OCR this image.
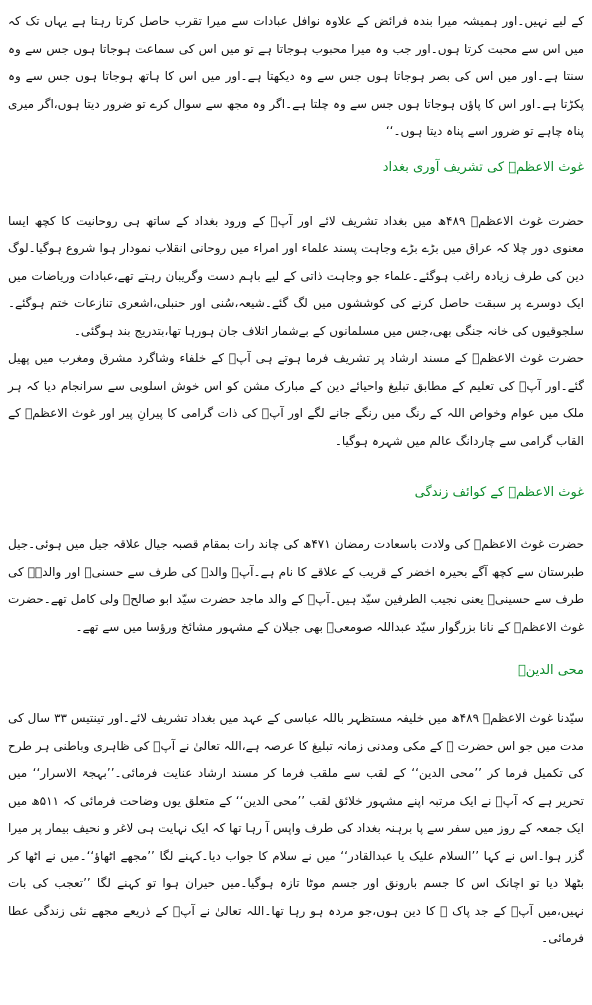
کے لیے نہیں۔اور ہمیشہ میرا بندہ فرائض کے علاوہ نوافل عبادات سے میرا تقرب حاصل کرتا رہتا ہے یہاں تک کہ میں اس سے محبت کرتا ہوں۔اور جب وہ میرا محبوب ہوجاتا ہے تو میں اس کی سماعت ہوجاتا ہوں جس سے وہ سنتا ہے۔اور میں اس کی بصر ہوجاتا ہوں جس سے وہ دیکھتا ہے۔اور میں اس کا ہاتھ ہوجاتا ہوں جس سے وہ پکڑتا ہے۔اور اس کا پاؤں ہوجاتا ہوں جس سے وہ چلتا ہے۔اگر وہ مجھ سے سوال کرے تو ضرور دیتا ہوں،اگر میری پناہ چاہے تو ضرور اسے پناہ دیتا ہوں۔‘‘

غوث الاعظمؒ کی تشریف آوری بغداد

حضرت غوث الاعظمؒ ۴۸۹ھ میں بغداد تشریف لائے اور آپؒ کے ورود بغداد کے ساتھ ہی روحانیت کا کچھ ایسا معنوی دور چلا کہ عراق میں بڑے بڑے وجاہت پسند علماء اور امراء میں روحانی انقلاب نمودار ہوا شروع ہوگیا۔لوگ دین کی طرف زیادہ راغب ہوگئے۔علماء جو وجاہت ذاتی کے لیے باہم دست وگریبان رہتے تھے،عبادات وریاضات میں ایک دوسرے پر سبقت حاصل کرنے کی کوششوں میں لگ گئے۔شیعہ،سُنی اور حنبلی،اشعری تنازعات ختم ہوگئے۔سلجوقیوں کی خانہ جنگی بھی،جس میں مسلمانوں کے بےشمار اتلاف جان ہورہا تھا،بتدریج بند ہوگئی۔

حضرت غوث الاعظمؒ کے مسند ارشاد پر تشریف فرما ہوتے ہی آپؒ کے خلفاء وشاگرد مشرق ومغرب میں پھیل گئے۔اور آپؒ کی تعلیم کے مطابق تبلیغ واحیائے دین کے مبارک مشن کو اس خوش اسلوبی سے سرانجام دیا کہ ہر ملک میں عوام وخواص اللہ کے رنگ میں رنگے جانے لگے اور آپؒ کی ذات گرامی کا پیرانِ پیر اور غوث الاعظمؒ کے القاب گرامی سے چاردانگ عالم میں شہرہ ہوگیا۔

غوث الاعظمؒ کے کوائف زندگی

حضرت غوث الاعظمؒ کی ولادت باسعادت رمضان ۴۷۱ھ کی چاند رات بمقام قصبہ جیال علاقہ جیل میں ہوئی۔جیل طبرستان سے کچھ آگے بحیرہ اخضر کے قریب کے علاقے کا نام ہے۔آپؒ والدؒ کی طرف سے حسنیؒ اور والدہؒ کی طرف سے حسینیؒ یعنی نجیب الطرفین سیّد ہیں۔آپؒ کے والد ماجد حضرت سیّد ابو صالحؒ ولی کامل تھے۔حضرت غوث الاعظمؒ کے نانا بزرگوار سیّد عبداللہ صومعیؒ بھی جیلان کے مشہور مشائخ ورؤسا میں سے تھے۔

محی الدینؒ

سیّدنا غوث الاعظمؒ ۴۸۹ھ میں خلیفہ مستظہر باللہ عباسی کے عہد میں بغداد تشریف لائے۔اور تینتیس ۳۳ سال کی مدت میں جو اس حضرت ﷺ کے مکی ومدنی زمانہ تبلیغ کا عرصہ ہے،اللہ تعالیٰ نے آپؒ کی ظاہری وباطنی ہر طرح کی تکمیل فرما کر ’’محی الدین‘‘ کے لقب سے ملقب فرما کر مسند ارشاد عنایت فرمائی۔’’بہجۃ الاسرار‘‘ میں تحریر ہے کہ آپؒ نے ایک مرتبہ اپنے مشہور خلائق لقب ’’محی الدین‘‘ کے متعلق یوں وضاحت فرمائی کہ ۵۱۱ھ میں ایک جمعہ کے روز میں سفر سے پا برہنہ بغداد کی طرف واپس آ رہا تھا کہ ایک نہایت ہی لاغر و نحیف بیمار پر میرا گزر ہوا۔اس نے کہا ’’السلام علیک یا عبدالقادر‘‘ میں نے سلام کا جواب دیا۔کہنے لگا ’’مجھے اٹھاؤ‘‘۔میں نے اٹھا کر بٹھلا دیا تو اچانک اس کا جسم بارونق اور جسم موٹا تازہ ہوگیا۔میں حیران ہوا تو کہنے لگا ’’تعجب کی بات نہیں،میں آپؒ کے جد پاک ﷺ کا دین ہوں،جو مردہ ہو رہا تھا۔اللہ تعالیٰ نے آپؒ کے ذریعے مجھے نئی زندگی عطا فرمائی۔
